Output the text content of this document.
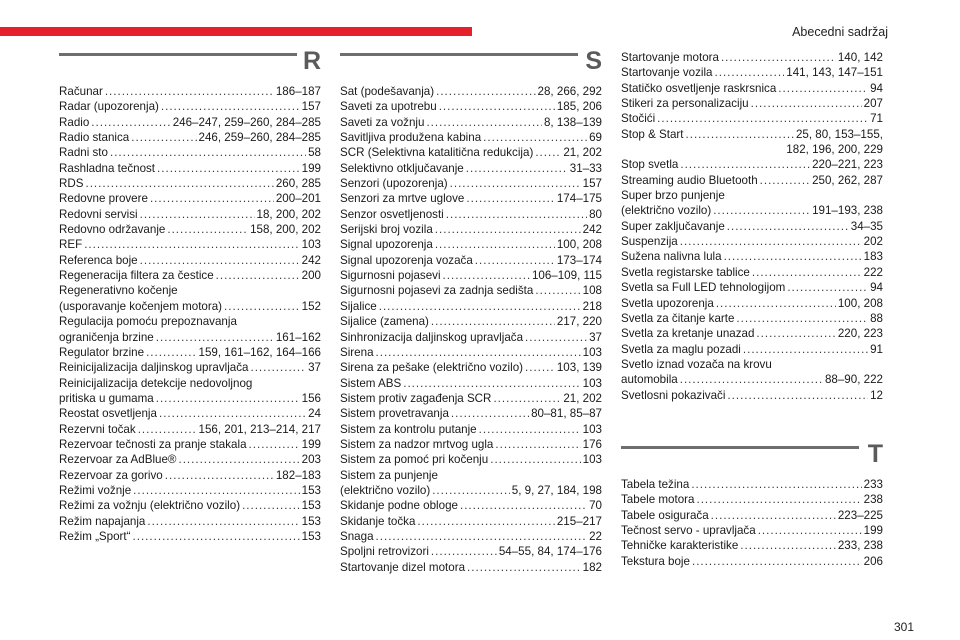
Abecedni sadržaj
R
Računar .....	186–187
Radar (upozorenja) .....	157
Radio .....	246–247, 259–260, 284–285
Radio stanica .....	246, 259–260, 284–285
Radni sto .....	58
Rashladna tečnost .....	199
RDS .....	260, 285
Redovne provere .....	200–201
Redovni servisi .....	18, 200, 202
Redovno održavanje .....	158, 200, 202
REF .....	103
Referenca boje .....	242
Regeneracija filtera za čestice .....	200
Regenerativno kočenje
(usporavanje kočenjem motora) .....	152
Regulacija pomoću prepoznavanja
ograničenja brzine .....	161–162
Regulator brzine .....	159, 161–162, 164–166
Reinicijalizacija daljinskog upravljača .....	37
Reinicijalizacija detekcije nedovoljnog
pritiska u gumama .....	156
Reostat osvetljenja .....	24
Rezervni točak .....	156, 201, 213–214, 217
Rezervoar tečnosti za pranje stakala .....	199
Rezervoar za AdBlue® .....	203
Rezervoar za gorivo .....	182–183
Režimi vožnje .....	153
Režimi za vožnju (električno vozilo) .....	153
Režim napajanja .....	153
Režim „Sport“ .....	153
S
Sat (podešavanja) .....	28, 266, 292
Saveti za upotrebu .....	185, 206
Saveti za vožnju .....	8, 138–139
Savitljiva produžena kabina .....	69
SCR (Selektivna katalitična redukcija) .....	21, 202
Selektivno otključavanje .....	31–33
Senzori (upozorenja) .....	157
Senzori za mrtve uglove .....	174–175
Senzor osvetljenosti .....	80
Serijski broj vozila .....	242
Signal upozorenja .....	100, 208
Signal upozorenja vozača .....	173–174
Sigurnosni pojasevi .....	106–109, 115
Sigurnosni pojasevi za zadnja sedišta .....	108
Sijalice .....	218
Sijalice (zamena) .....	217, 220
Sinhronizacija daljinskog upravljača .....	37
Sirena .....	103
Sirena za pešake (električno vozilo) .....	103, 139
Sistem ABS .....	103
Sistem protiv zagađenja SCR .....	21, 202
Sistem provetravanja .....	80–81, 85–87
Sistem za kontrolu putanje .....	103
Sistem za nadzor mrtvog ugla .....	176
Sistem za pomoć pri kočenju .....	103
Sistem za punjenje
(električno vozilo) .....	5, 9, 27, 184, 198
Skidanje podne obloge .....	70
Skidanje točka .....	215–217
Snaga .....	22
Spoljni retrovizori .....	54–55, 84, 174–176
Startovanje dizel motora .....	182
Startovanje motora .....	140, 142
Startovanje vozila .....	141, 143, 147–151
Statičko osvetljenje raskrsnica .....	94
Stikeri za personalizaciju .....	207
Stočići .....	71
Stop & Start .....	25, 80, 153–155,
182, 196, 200, 229
Stop svetla .....	220–221, 223
Streaming audio Bluetooth .....	250, 262, 287
Super brzo punjenje
(električno vozilo) .....	191–193, 238
Super zaključavanje .....	34–35
Suspenzija .....	202
Sužena nalivna lula .....	183
Svetla registarske tablice .....	222
Svetla sa Full LED tehnologijom .....	94
Svetla upozorenja .....	100, 208
Svetla za čitanje karte .....	88
Svetla za kretanje unazad .....	220, 223
Svetla za maglu pozadi .....	91
Svetlo iznad vozača na krovu
automobila .....	88–90, 222
Svetlosni pokazivači .....	12
T
Tabela težina .....	233
Tabele motora .....	238
Tabele osigurača .....	223–225
Tečnost servo - upravljača .....	199
Tehničke karakteristike .....	233, 238
Tekstura boje .....	206
301
